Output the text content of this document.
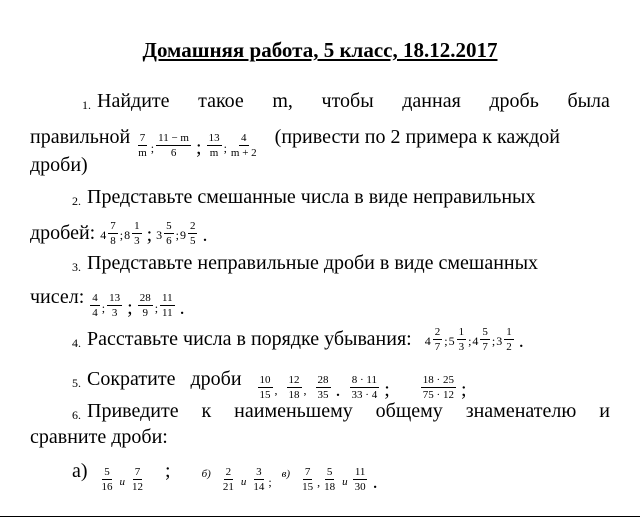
Домашняя работа, 5 класс, 18.12.2017
1. Найдите такое m, чтобы данная дробь была
правильной $\frac{7}{m}$ ; $\frac{11 - m}{6}$ ; $\frac{13}{m}$ ; $\frac{4}{m + 2}$ (привести по 2 примера к каждой
дроби)
2. Представьте смешанные числа в виде неправильных
дробей: $4 \frac{7}{8}$ ; $8 \frac{1}{3}$ ; $3 \frac{5}{6}$ ; $9 \frac{2}{5}$ .
3. Представьте неправильные дроби в виде смешанных
чисел: $\frac{4}{4}$ ; $\frac{13}{3}$ ; $\frac{28}{9}$ ; $\frac{11}{11}$ .
4. Расставьте числа в порядке убывания: $4 \frac{2}{7}$ ; $5 \frac{1}{3}$ ; $4 \frac{5}{7}$ ; $3 \frac{1}{2}$ .
5. Сократите дроби $\frac{10}{15}$ , $\frac{12}{18}$ , $\frac{28}{35}$ . $\frac{8 \cdot 11}{33 \cdot 4}$ ;	$\frac{18 \cdot 25}{75 \cdot 12}$ ;
6. Приведите к наименьшему общему знаменателю и
сравните дроби:
$а) \frac{5}{16}$ и $\frac{7}{12}$ ;	$б) \frac{2}{21}$ и $\frac{3}{14}$ ;
$в) \frac{7}{15}$ , $\frac{5}{18}$ и $\frac{11}{30}$ .
